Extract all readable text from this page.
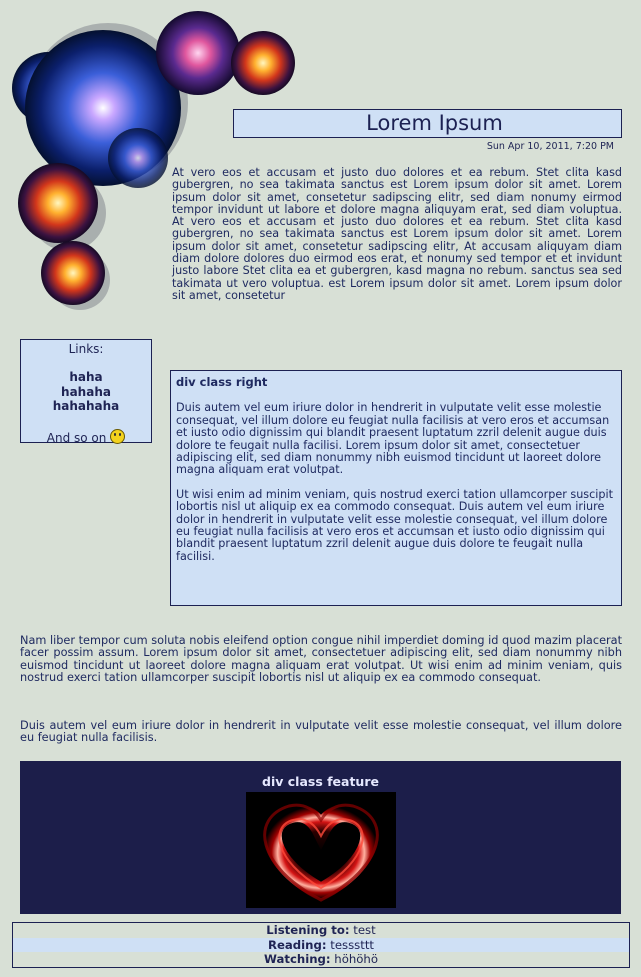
Lorem Ipsum
Sun Apr 10, 2011, 7:20 PM
At vero eos et accusam et justo duo dolores et ea rebum. Stet clita kasd gubergren, no sea takimata sanctus est Lorem ipsum dolor sit amet. Lorem ipsum dolor sit amet, consetetur sadipscing elitr, sed diam nonumy eirmod tempor invidunt ut labore et dolore magna aliquyam erat, sed diam voluptua. At vero eos et accusam et justo duo dolores et ea rebum. Stet clita kasd gubergren, no sea takimata sanctus est Lorem ipsum dolor sit amet. Lorem ipsum dolor sit amet, consetetur sadipscing elitr, At accusam aliquyam diam diam dolore dolores duo eirmod eos erat, et nonumy sed tempor et et invidunt justo labore Stet clita ea et gubergren, kasd magna no rebum. sanctus sea sed takimata ut vero voluptua. est Lorem ipsum dolor sit amet. Lorem ipsum dolor sit amet, consetetur
Links:
haha
hahaha
hahahaha
And so on
div class right

Duis autem vel eum iriure dolor in hendrerit in vulputate velit esse molestie consequat, vel illum dolore eu feugiat nulla facilisis at vero eros et accumsan et iusto odio dignissim qui blandit praesent luptatum zzril delenit augue duis dolore te feugait nulla facilisi. Lorem ipsum dolor sit amet, consectetuer adipiscing elit, sed diam nonummy nibh euismod tincidunt ut laoreet dolore magna aliquam erat volutpat.

Ut wisi enim ad minim veniam, quis nostrud exerci tation ullamcorper suscipit lobortis nisl ut aliquip ex ea commodo consequat. Duis autem vel eum iriure dolor in hendrerit in vulputate velit esse molestie consequat, vel illum dolore eu feugiat nulla facilisis at vero eros et accumsan et iusto odio dignissim qui blandit praesent luptatum zzril delenit augue duis dolore te feugait nulla facilisi.

Nam liber tempor cum soluta nobis eleifend option congue nihil imperdiet doming id quod mazim placerat facer possim assum. Lorem ipsum dolor sit amet, consectetuer adipiscing elit, sed diam nonummy nibh euismod tincidunt ut laoreet dolore magna aliquam erat volutpat. Ut wisi enim ad minim veniam, quis nostrud exerci tation ullamcorper suscipit lobortis nisl ut aliquip ex ea commodo consequat.
Duis autem vel eum iriure dolor in hendrerit in vulputate velit esse molestie consequat, vel illum dolore eu feugiat nulla facilisis.
div class feature
Listening to: test
Reading: tessstt​t
Watching: höhöhö
